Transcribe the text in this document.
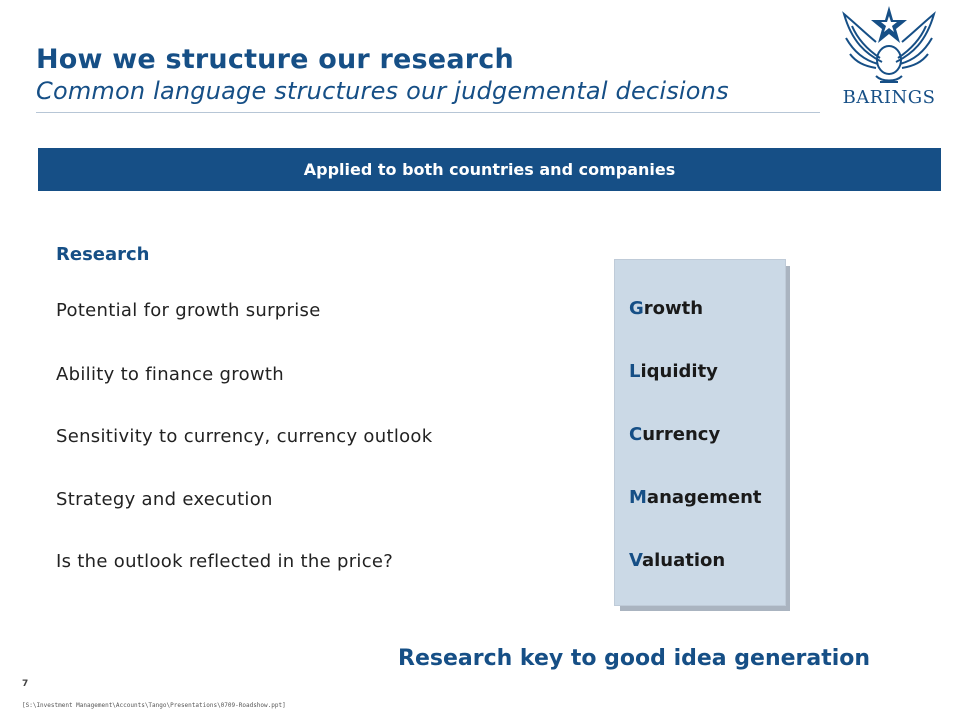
How we structure our research
Common language structures our judgemental decisions	BARINGS
Applied to both countries and companies
Research
Potential for growth surprise
Ability to finance growth
Sensitivity to currency, currency outlook
Strategy and execution
Is the outlook reflected in the price?
Growth
Liquidity
Currency
Management
Valuation
Research key to good idea generation
7
[S:\Investment Management\Accounts\Tango\Presentations\0709-Roadshow.ppt]
